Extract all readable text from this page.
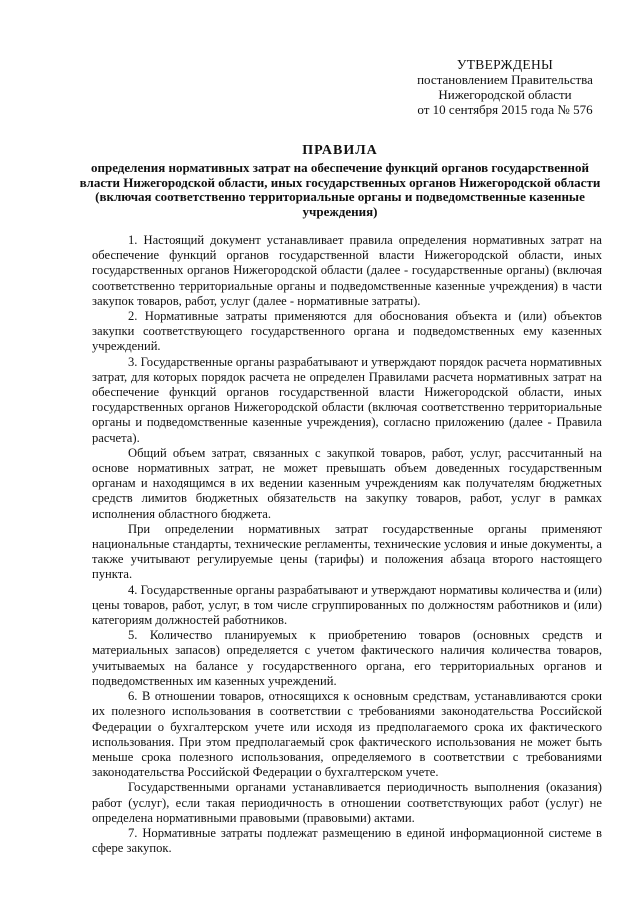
УТВЕРЖДЕНЫ
постановлением Правительства
Нижегородской области
от 10 сентября 2015 года № 576
ПРАВИЛА
определения нормативных затрат на обеспечение функций органов государственной власти Нижегородской области, иных государственных органов Нижегородской области (включая соответственно территориальные органы и подведомственные казенные учреждения)

1. Настоящий документ устанавливает правила определения нормативных затрат на обеспечение функций органов государственной власти Нижегородской области, иных государственных органов Нижегородской области (далее - государственные органы) (включая соответственно территориальные органы и подведомственные казенные учреждения) в части закупок товаров, работ, услуг (далее - нормативные затраты).

2. Нормативные затраты применяются для обоснования объекта и (или) объектов закупки соответствующего государственного органа и подведомственных ему казенных учреждений.

3. Государственные органы разрабатывают и утверждают порядок расчета нормативных затрат, для которых порядок расчета не определен Правилами расчета нормативных затрат на обеспечение функций органов государственной власти Нижегородской области, иных государственных органов Нижегородской области (включая соответственно территориальные органы и подведомственные казенные учреждения), согласно приложению (далее - Правила расчета).

Общий объем затрат, связанных с закупкой товаров, работ, услуг, рассчитанный на основе нормативных затрат, не может превышать объем доведенных государственным органам и находящимся в их ведении казенным учреждениям как получателям бюджетных средств лимитов бюджетных обязательств на закупку товаров, работ, услуг в рамках исполнения областного бюджета.

При определении нормативных затрат государственные органы применяют национальные стандарты, технические регламенты, технические условия и иные документы, а также учитывают регулируемые цены (тарифы) и положения абзаца второго настоящего пункта.

4. Государственные органы разрабатывают и утверждают нормативы количества и (или) цены товаров, работ, услуг, в том числе сгруппированных по должностям работников и (или) категориям должностей работников.

5. Количество планируемых к приобретению товаров (основных средств и материальных запасов) определяется с учетом фактического наличия количества товаров, учитываемых на балансе у государственного органа, его территориальных органов и подведомственных им казенных учреждений.

6. В отношении товаров, относящихся к основным средствам, устанавливаются сроки их полезного использования в соответствии с требованиями законодательства Российской Федерации о бухгалтерском учете или исходя из предполагаемого срока их фактического использования. При этом предполагаемый срок фактического использования не может быть меньше срока полезного использования, определяемого в соответствии с требованиями законодательства Российской Федерации о бухгалтерском учете.

Государственными органами устанавливается периодичность выполнения (оказания) работ (услуг), если такая периодичность в отношении соответствующих работ (услуг) не определена нормативными правовыми (правовыми) актами.

7. Нормативные затраты подлежат размещению в единой информационной системе в сфере закупок.
